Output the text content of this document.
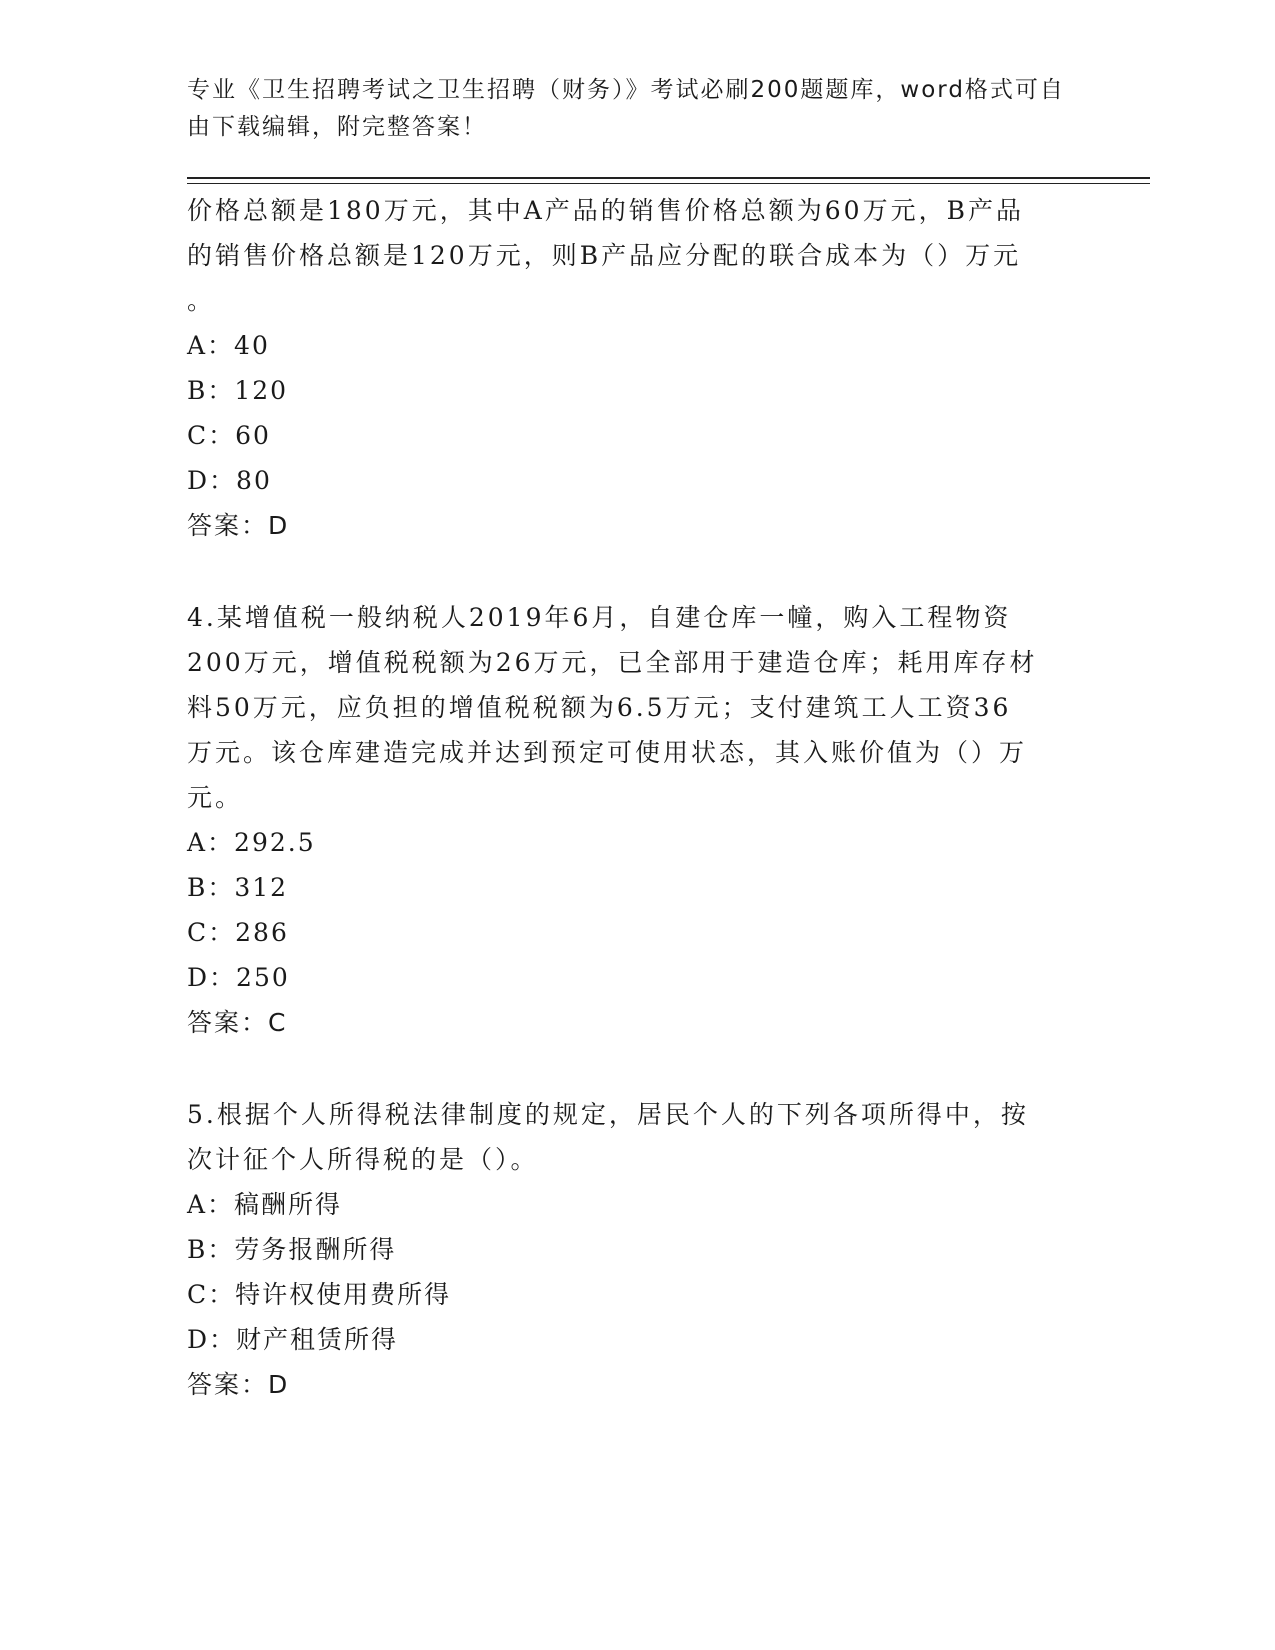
专业《卫生招聘考试之卫生招聘（财务）》考试必刷200题题库，word格式可自
由下载编辑，附完整答案！

价格总额是180万元，其中A产品的销售价格总额为60万元，B产品

的销售价格总额是120万元，则B产品应分配的联合成本为（）万元

。

A：40

B：120

C：60

D：80

答案：D

4.某增值税一般纳税人2019年6月，自建仓库一幢，购入工程物资

200万元，增值税税额为26万元，已全部用于建造仓库；耗用库存材

料50万元，应负担的增值税税额为6.5万元；支付建筑工人工资36

万元。该仓库建造完成并达到预定可使用状态，其入账价值为（）万

元。

A：292.5

B：312

C：286

D：250

答案：C

5.根据个人所得税法律制度的规定，居民个人的下列各项所得中，按

次计征个人所得税的是（）。

A：稿酬所得

B：劳务报酬所得

C：特许权使用费所得

D：财产租赁所得

答案：D
